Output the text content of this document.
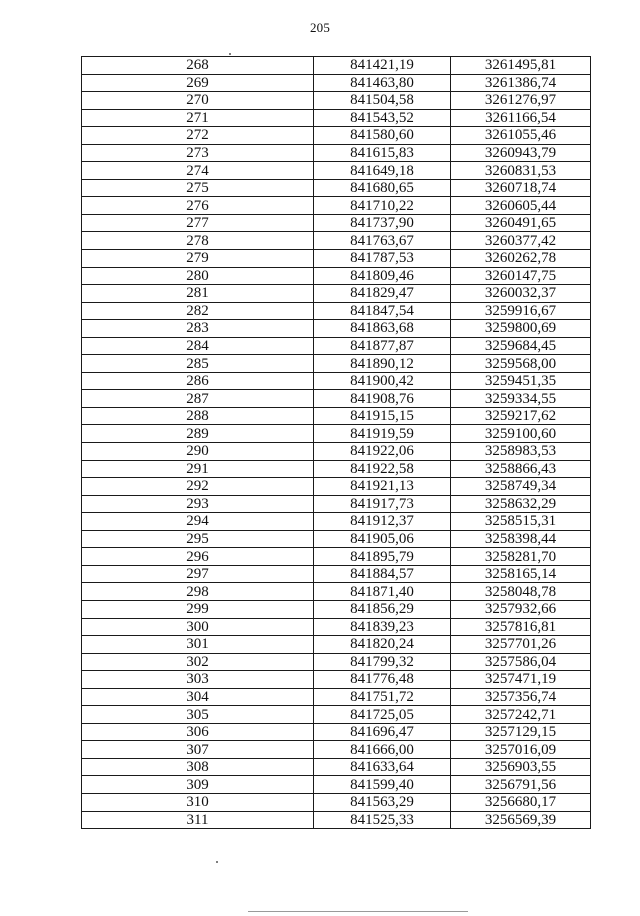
205
268	841421,19	3261495,81
269	841463,80	3261386,74
270	841504,58	3261276,97
271	841543,52	3261166,54
272	841580,60	3261055,46
273	841615,83	3260943,79
274	841649,18	3260831,53
275	841680,65	3260718,74
276	841710,22	3260605,44
277	841737,90	3260491,65
278	841763,67	3260377,42
279	841787,53	3260262,78
280	841809,46	3260147,75
281	841829,47	3260032,37
282	841847,54	3259916,67
283	841863,68	3259800,69
284	841877,87	3259684,45
285	841890,12	3259568,00
286	841900,42	3259451,35
287	841908,76	3259334,55
288	841915,15	3259217,62
289	841919,59	3259100,60
290	841922,06	3258983,53
291	841922,58	3258866,43
292	841921,13	3258749,34
293	841917,73	3258632,29
294	841912,37	3258515,31
295	841905,06	3258398,44
296	841895,79	3258281,70
297	841884,57	3258165,14
298	841871,40	3258048,78
299	841856,29	3257932,66
300	841839,23	3257816,81
301	841820,24	3257701,26
302	841799,32	3257586,04
303	841776,48	3257471,19
304	841751,72	3257356,74
305	841725,05	3257242,71
306	841696,47	3257129,15
307	841666,00	3257016,09
308	841633,64	3256903,55
309	841599,40	3256791,56
310	841563,29	3256680,17
311	841525,33	3256569,39
